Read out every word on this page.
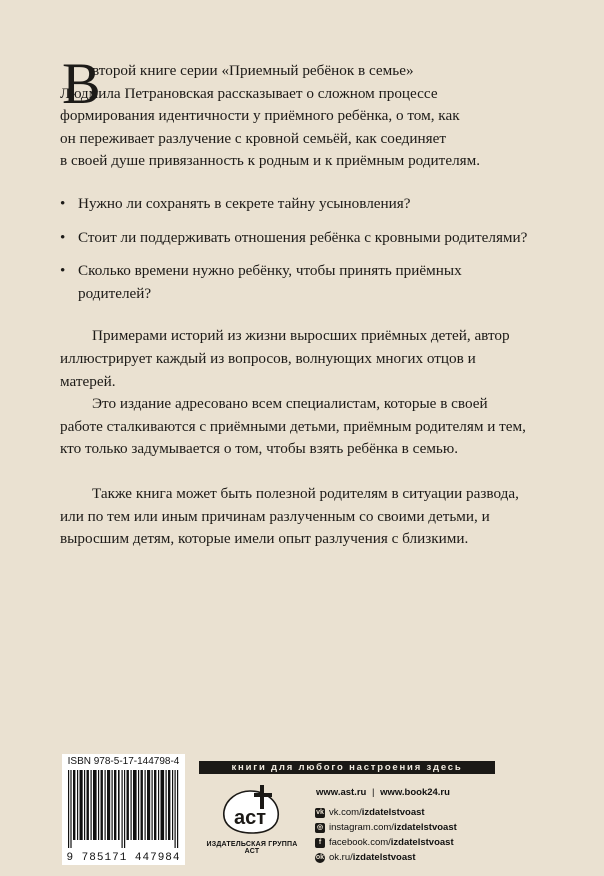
В
второй книге серии «Приемный ребёнок в семье»
Людмила Петрановская рассказывает о сложном процессе
формирования идентичности у приёмного ребёнка, о том, как
он переживает разлучение с кровной семьёй, как соединяет
в своей душе привязанность к родным и к приёмным родителям.

• Нужно ли сохранять в секрете тайну усыновления?
• Стоит ли поддерживать отношения ребёнка с кровными родителями?
• Сколько времени нужно ребёнку, чтобы принять приёмных родителей?

Примерами историй из жизни выросших приёмных детей, автор иллюстрирует каждый из вопросов, волнующих многих отцов и матерей.

Это издание адресовано всем специалистам, которые в своей работе сталкиваются с приёмными детьми, приёмным родителям и тем, кто только задумывается о том, чтобы взять ребёнка в семью.

Также книга может быть полезной родителям в ситуации развода, или по тем или иным причинам разлученным со своими детьми, и выросшим детям, которые имели опыт разлучения с близкими.

ISBN 978-5-17-144798-4
9 785171 447984
книги для любого настроения здесь
аст
ИЗДАТЕЛЬСКАЯ ГРУППА АСТ
www.ast.ru | www.book24.ru
vk vk.com/ izdatelstvoast
◎ instagram.com/ izdatelstvoast
f facebook.com/ izdatelstvoast
ok ok.ru/ izdatelstvoast
